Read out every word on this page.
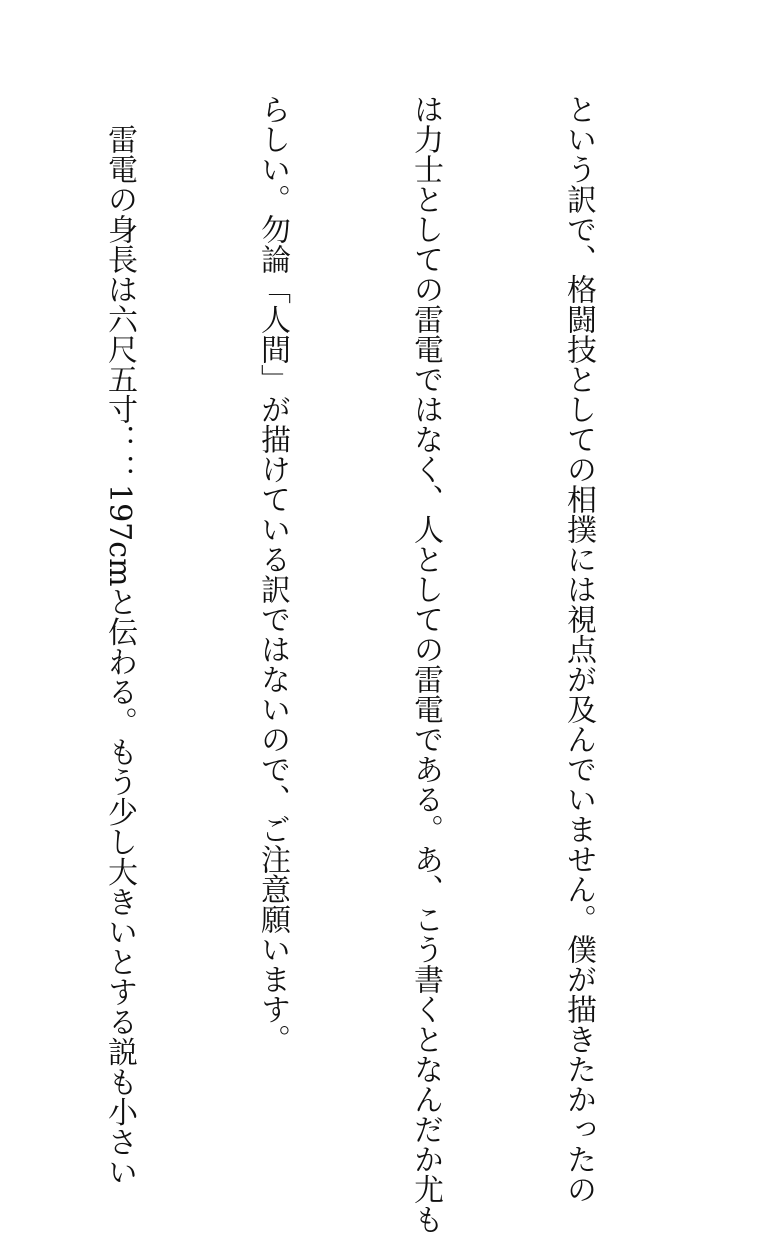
という訳で、格闘技としての相撲には視点が及んでいません。僕が描きたかったの

は力士としての雷電ではなく、人としての雷電である。あ、こう書くとなんだか尤も

らしい。勿論「人間」が描けている訳ではないので、ご注意願います。

　雷電の身長は六尺五寸：：197cmと伝わる。もう少し大きいとする説も小さい
